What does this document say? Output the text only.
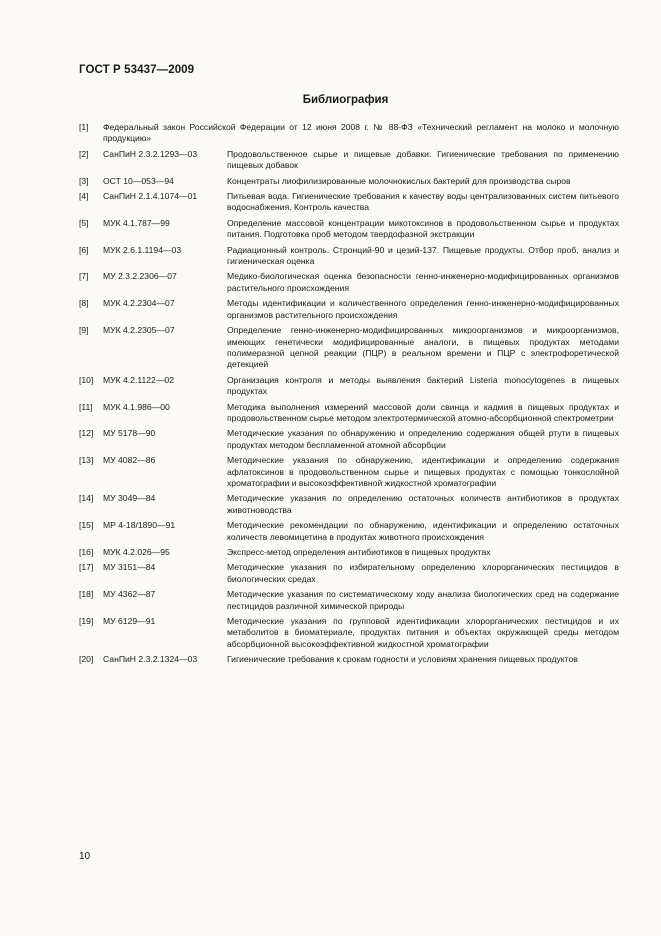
ГОСТ Р 53437—2009
Библиография
[1] Федеральный закон Российской Федерации от 12 июня 2008 г. № 88-ФЗ «Технический регламент на молоко и молочную продукцию»
[2] СанПиН 2.3.2.1293—03	Продовольственное сырье и пищевые добавки. Гигиенические требования по применению пищевых добавок
[3] ОСТ 10—053—94	Концентраты лиофилизированные молочнокислых бактерий для производства сыров
[4] СанПиН 2.1.4.1074—01	Питьевая вода. Гигиенические требования к качеству воды централизованных систем питьевого водоснабжения. Контроль качества
[5] МУК 4.1.787—99	Определение массовой концентрации микотоксинов в продовольственном сырье и продуктах питания. Подготовка проб методом твердофазной экстракции
[6] МУК 2.6.1.1194—03	Радиационный контроль. Стронций-90 и цезий-137. Пищевые продукты. Отбор проб, анализ и гигиеническая оценка
[7] МУ 2.3.2.2306—07	Медико-биологическая оценка безопасности генно-инженерно-модифицированных организмов растительного происхождения
[8] МУК 4.2.2304—07	Методы идентификации и количественного определения генно-инженерно-модифицированных организмов растительного происхождения
[9] МУК 4.2.2305—07	Определение генно-инженерно-модифицированных микроорганизмов и микроорганизмов, имеющих генетически модифицированные аналоги, в пищевых продуктах методами полимеразной цепной реакции (ПЦР) в реальном времени и ПЦР с электрофоретической детекцией
[10] МУК 4.2.1122—02	Организация контроля и методы выявления бактерий Listeria monocytogenes в пищевых продуктах
[11] МУК 4.1.986—00	Методика выполнения измерений массовой доли свинца и кадмия в пищевых продуктах и продовольственном сырье методом электротермической атомно-абсорбционной спектрометрии
[12] МУ 5178—90	Методические указания по обнаружению и определению содержания общей ртути в пищевых продуктах методом беспламенной атомной абсорбции
[13] МУ 4082—86	Методические указания по обнаружению, идентификации и определению содержания афлатоксинов в продовольственном сырье и пищевых продуктах с помощью тонкослойной хроматографии и высокоэффективной жидкостной хроматографии
[14] МУ 3049—84	Методические указания по определению остаточных количеств антибиотиков в продуктах животноводства
[15] МР 4-18/1890—91	Методические рекомендации по обнаружению, идентификации и определению остаточных количеств левомицетина в продуктах животного происхождения
[16] МУК 4.2.026—95	Экспресс-метод определения антибиотиков в пищевых продуктах
[17] МУ 3151—84	Методические указания по избирательному определению хлорорганических пестицидов в биологических средах
[18] МУ 4362—87	Методические указания по систематическому ходу анализа биологических сред на содержание пестицидов различной химической природы
[19] МУ 6129—91	Методические указания по групповой идентификации хлорорганических пестицидов и их метаболитов в биоматериале, продуктах питания и объектах окружающей среды методом абсорбционной высокоэффективной жидкостной хроматографии
[20] СанПиН 2.3.2.1324—03	Гигиенические требования к срокам годности и условиям хранения пищевых продуктов
10
